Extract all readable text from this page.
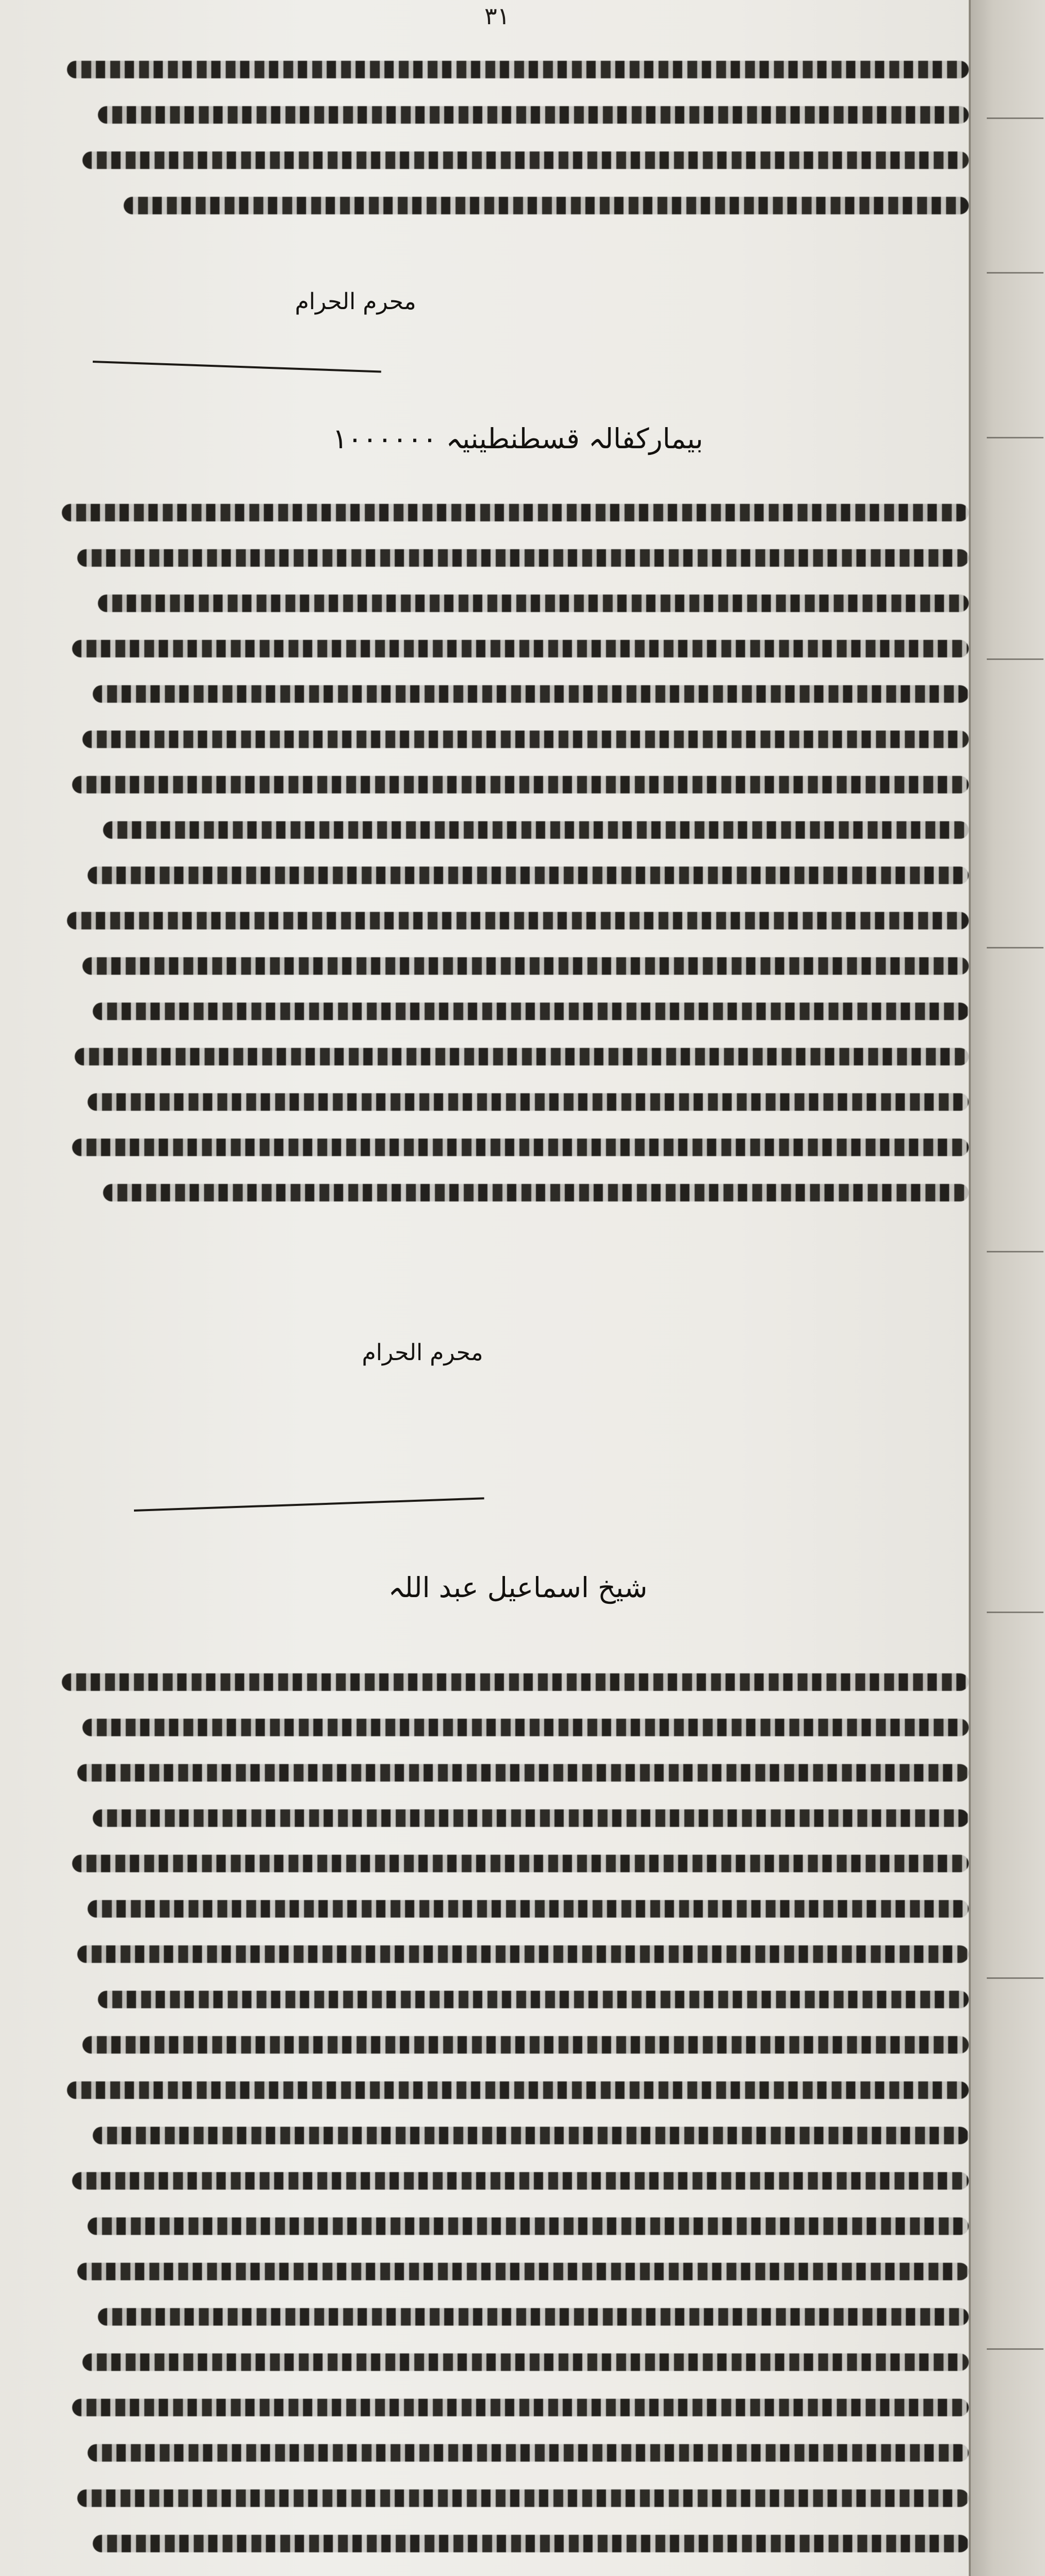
۳۱
محرم الحرام
بیمارکفالہ قسطنطینیہ ۱۰۰۰۰۰۰
محرم الحرام
شیخ اسماعیل عبد اللہ
